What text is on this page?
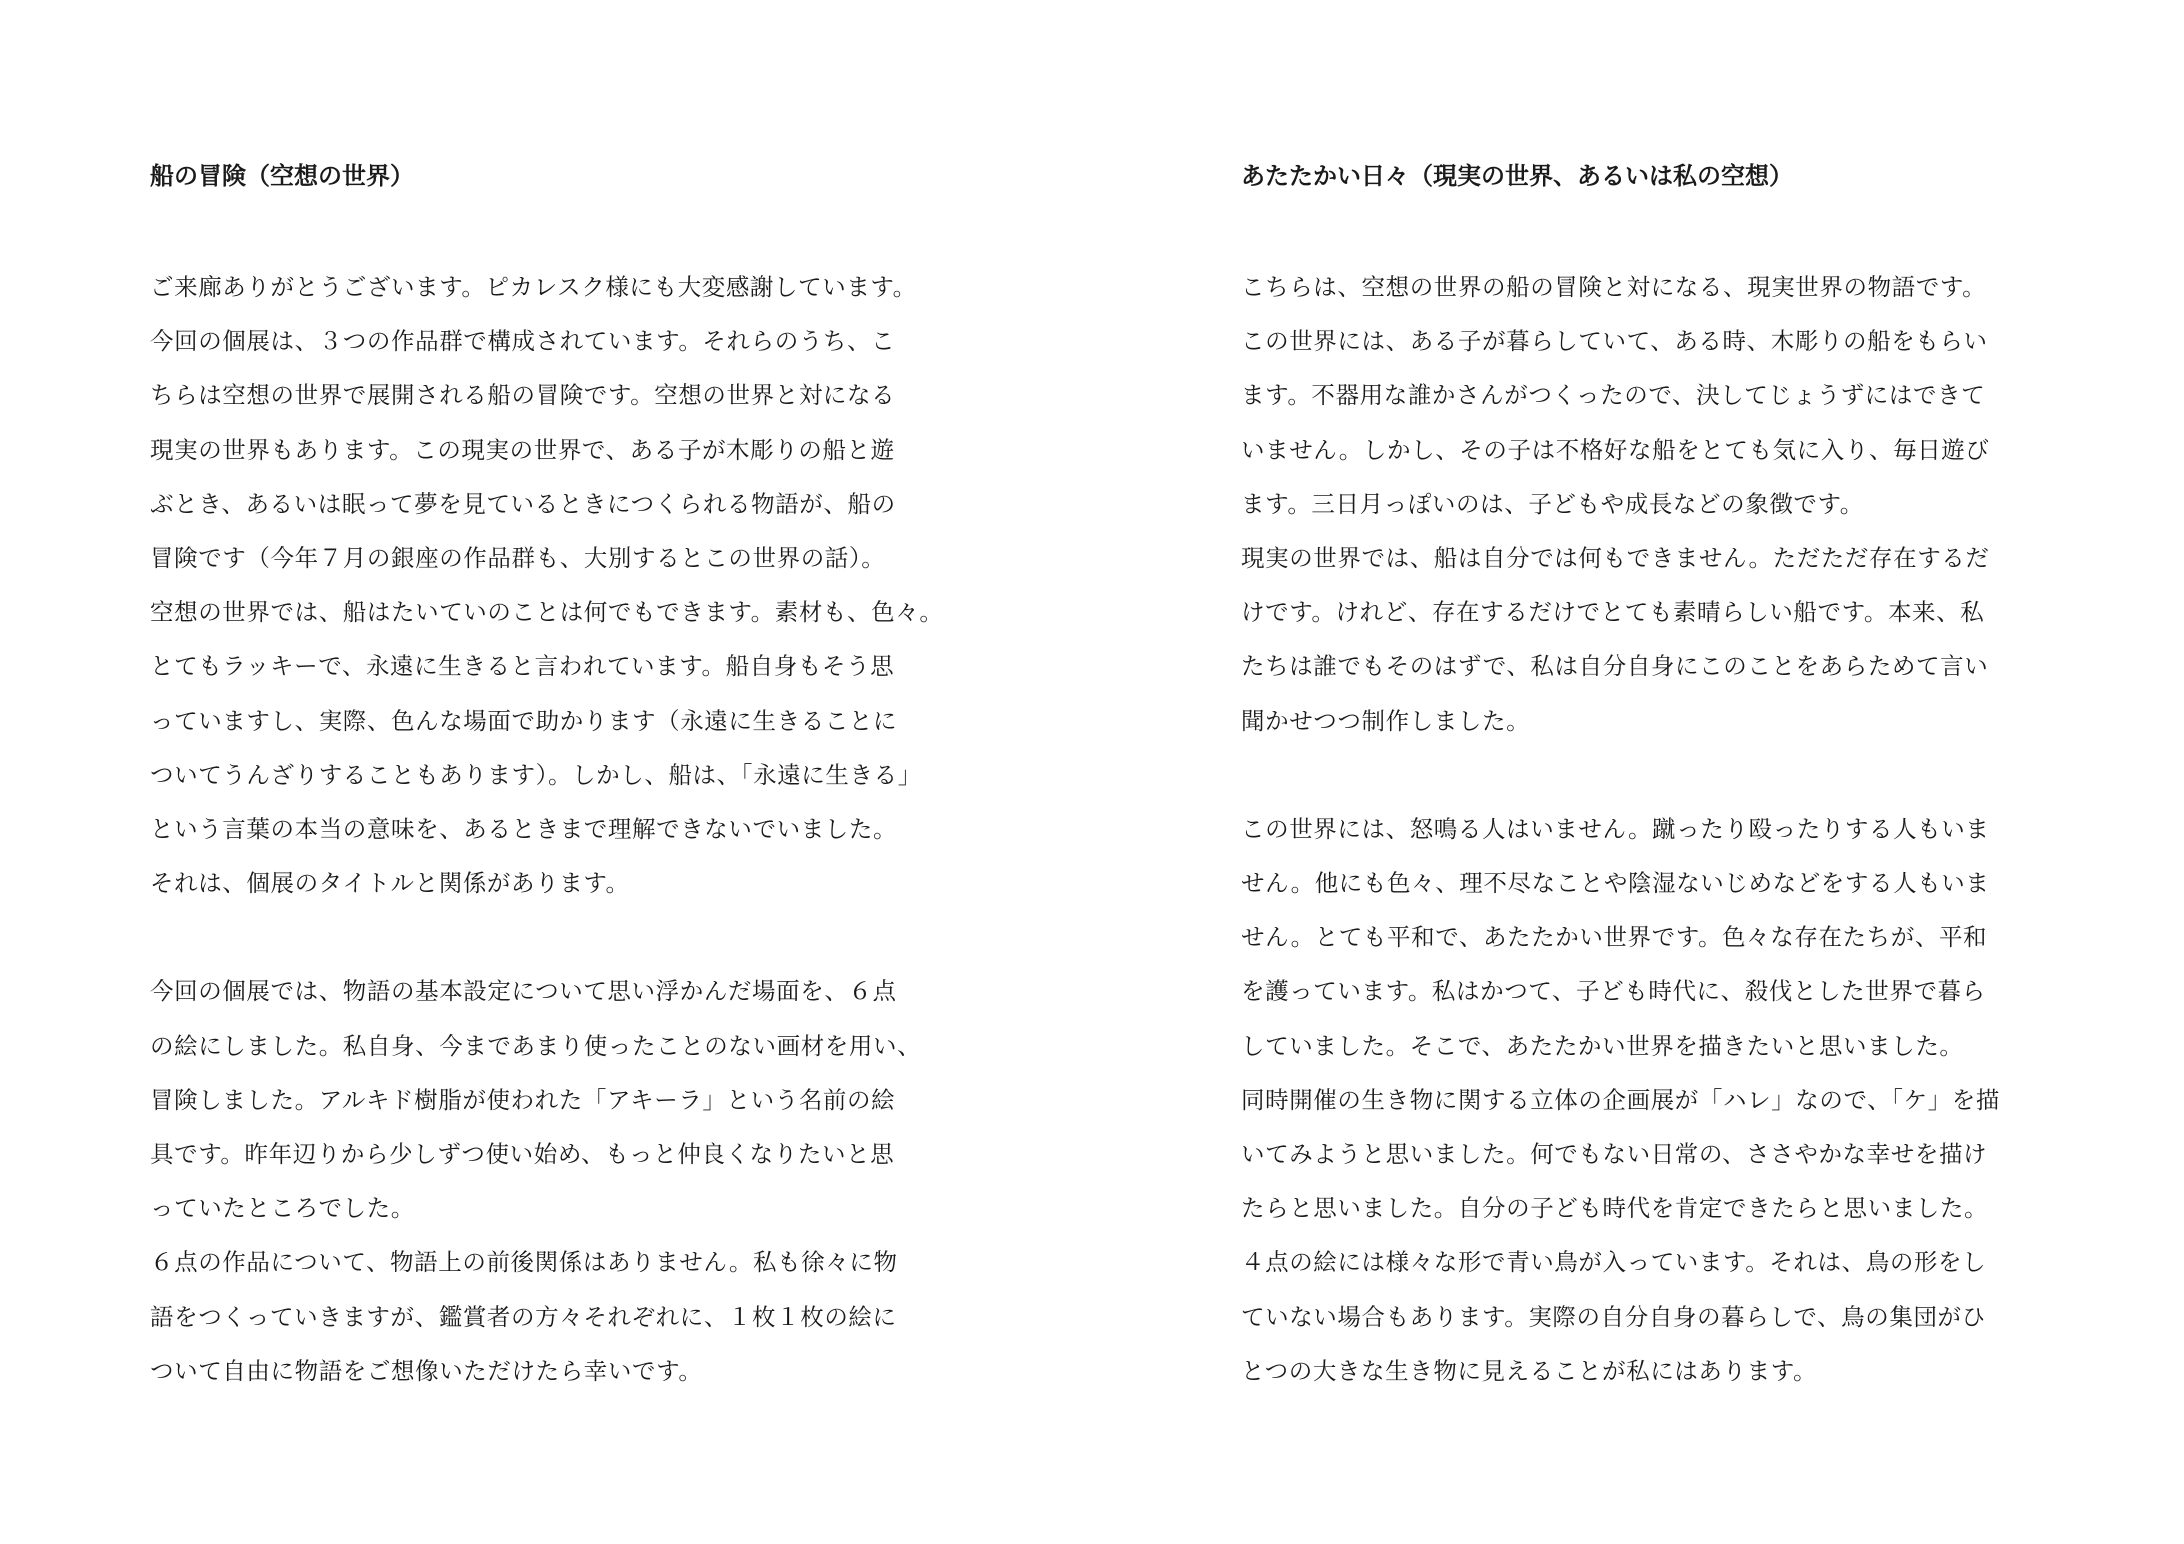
船の冒険（空想の世界）

ご来廊ありがとうございます。ピカレスク様にも大変感謝しています。
今回の個展は、３つの作品群で構成されています。それらのうち、こ
ちらは空想の世界で展開される船の冒険です。空想の世界と対になる
現実の世界もあります。この現実の世界で、ある子が木彫りの船と遊
ぶとき、あるいは眠って夢を見ているときにつくられる物語が、船の
冒険です（今年７月の銀座の作品群も、大別するとこの世界の話）。

空想の世界では、船はたいていのことは何でもできます。素材も、色々。
とてもラッキーで、永遠に生きると言われています。船自身もそう思
っていますし、実際、色んな場面で助かります（永遠に生きることに
ついてうんざりすることもあります）。しかし、船は、「永遠に生きる」
という言葉の本当の意味を、あるときまで理解できないでいました。
それは、個展のタイトルと関係があります。

今回の個展では、物語の基本設定について思い浮かんだ場面を、６点
の絵にしました。私自身、今まであまり使ったことのない画材を用い、
冒険しました。アルキド樹脂が使われた「アキーラ」という名前の絵
具です。昨年辺りから少しずつ使い始め、もっと仲良くなりたいと思
っていたところでした。

６点の作品について、物語上の前後関係はありません。私も徐々に物
語をつくっていきますが、鑑賞者の方々それぞれに、１枚１枚の絵に
ついて自由に物語をご想像いただけたら幸いです。

あたたかい日々（現実の世界、あるいは私の空想）

こちらは、空想の世界の船の冒険と対になる、現実世界の物語です。
この世界には、ある子が暮らしていて、ある時、木彫りの船をもらい
ます。不器用な誰かさんがつくったので、決してじょうずにはできて
いません。しかし、その子は不格好な船をとても気に入り、毎日遊び
ます。三日月っぽいのは、子どもや成長などの象徴です。

現実の世界では、船は自分では何もできません。ただただ存在するだ
けです。けれど、存在するだけでとても素晴らしい船です。本来、私
たちは誰でもそのはずで、私は自分自身にこのことをあらためて言い
聞かせつつ制作しました。

この世界には、怒鳴る人はいません。蹴ったり殴ったりする人もいま
せん。他にも色々、理不尽なことや陰湿ないじめなどをする人もいま
せん。とても平和で、あたたかい世界です。色々な存在たちが、平和
を護っています。私はかつて、子ども時代に、殺伐とした世界で暮ら
していました。そこで、あたたかい世界を描きたいと思いました。

同時開催の生き物に関する立体の企画展が「ハレ」なので、「ケ」を描
いてみようと思いました。何でもない日常の、ささやかな幸せを描け
たらと思いました。自分の子ども時代を肯定できたらと思いました。

４点の絵には様々な形で青い鳥が入っています。それは、鳥の形をし
ていない場合もあります。実際の自分自身の暮らしで、鳥の集団がひ
とつの大きな生き物に見えることが私にはあります。
